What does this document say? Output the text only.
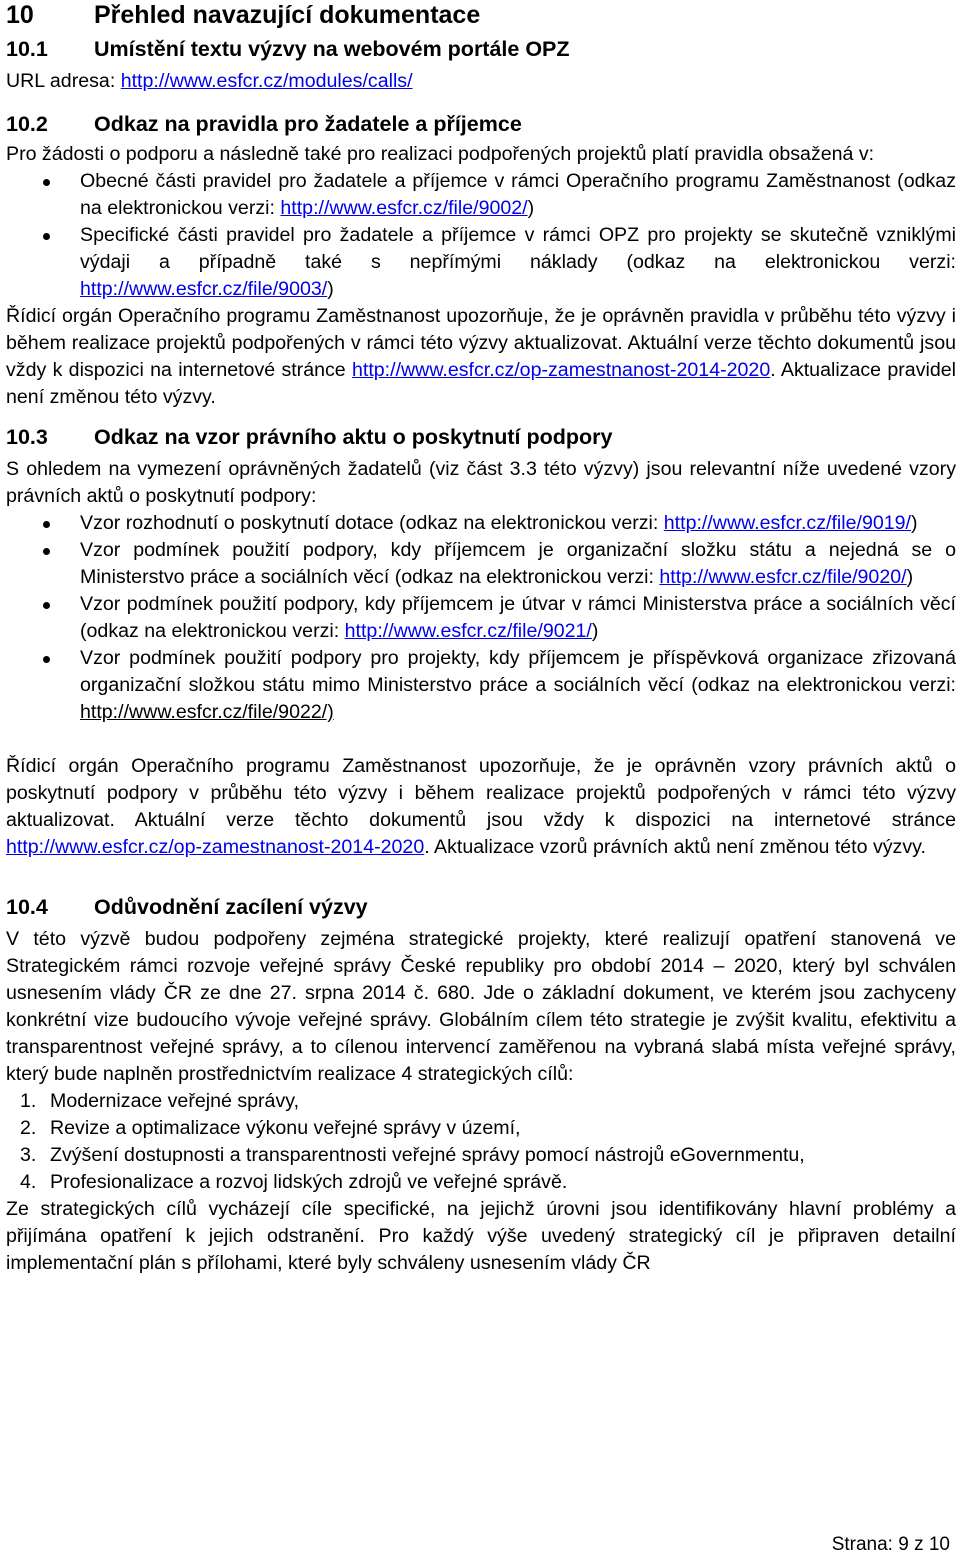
10	Přehled navazující dokumentace
10.1	Umístění textu výzvy na webovém portále OPZ

URL adresa: http://www.esfcr.cz/modules/calls/

10.2	Odkaz na pravidla pro žadatele a příjemce

Pro žádosti o podporu a následně také pro realizaci podpořených projektů platí pravidla obsažená v:

Obecné části pravidel pro žadatele a příjemce v rámci Operačního programu Zaměstnanost (odkaz na elektronickou verzi: http://www.esfcr.cz/file/9002/)
Specifické části pravidel pro žadatele a příjemce v rámci OPZ pro projekty se skutečně vzniklými výdaji a případně také s nepřímými náklady (odkaz na elektronickou verzi: http://www.esfcr.cz/file/9003/)

Řídicí orgán Operačního programu Zaměstnanost upozorňuje, že je oprávněn pravidla v průběhu této výzvy i během realizace projektů podpořených v rámci této výzvy aktualizovat. Aktuální verze těchto dokumentů jsou vždy k dispozici na internetové stránce http://www.esfcr.cz/op-zamestnanost-2014-2020. Aktualizace pravidel není změnou této výzvy.

10.3	Odkaz na vzor právního aktu o poskytnutí podpory

S ohledem na vymezení oprávněných žadatelů (viz část 3.3 této výzvy) jsou relevantní níže uvedené vzory právních aktů o poskytnutí podpory:

Vzor rozhodnutí o poskytnutí dotace (odkaz na elektronickou verzi: http://www.esfcr.cz/file/9019/)
Vzor podmínek použití podpory, kdy příjemcem je organizační složku státu a nejedná se o Ministerstvo práce a sociálních věcí (odkaz na elektronickou verzi: http://www.esfcr.cz/file/9020/)
Vzor podmínek použití podpory, kdy příjemcem je útvar v rámci Ministerstva práce a sociálních věcí (odkaz na elektronickou verzi: http://www.esfcr.cz/file/9021/)
Vzor podmínek použití podpory pro projekty, kdy příjemcem je příspěvková organizace zřizovaná organizační složkou státu mimo Ministerstvo práce a sociálních věcí (odkaz na elektronickou verzi: http://www.esfcr.cz/file/9022/)

Řídicí orgán Operačního programu Zaměstnanost upozorňuje, že je oprávněn vzory právních aktů o poskytnutí podpory v průběhu této výzvy i během realizace projektů podpořených v rámci této výzvy aktualizovat. Aktuální verze těchto dokumentů jsou vždy k dispozici na internetové stránce http://www.esfcr.cz/op-zamestnanost-2014-2020. Aktualizace vzorů právních aktů není změnou této výzvy.

10.4	Odůvodnění zacílení výzvy

V této výzvě budou podpořeny zejména strategické projekty, které realizují opatření stanovená ve Strategickém rámci rozvoje veřejné správy České republiky pro období 2014 – 2020, který byl schválen usnesením vlády ČR ze dne 27. srpna 2014 č. 680. Jde o základní dokument, ve kterém jsou zachyceny konkrétní vize budoucího vývoje veřejné správy. Globálním cílem této strategie je zvýšit kvalitu, efektivitu a transparentnost veřejné správy, a to cílenou intervencí zaměřenou na vybraná slabá místa veřejné správy, který bude naplněn prostřednictvím realizace 4 strategických cílů:

1. Modernizace veřejné správy,
2. Revize a optimalizace výkonu veřejné správy v území,
3. Zvýšení dostupnosti a transparentnosti veřejné správy pomocí nástrojů eGovernmentu,
4. Profesionalizace a rozvoj lidských zdrojů ve veřejné správě.

Ze strategických cílů vycházejí cíle specifické, na jejichž úrovni jsou identifikovány hlavní problémy a přijímána opatření k jejich odstranění. Pro každý výše uvedený strategický cíl je připraven detailní implementační plán s přílohami, které byly schváleny usnesením vlády ČR

Strana: 9 z 10
